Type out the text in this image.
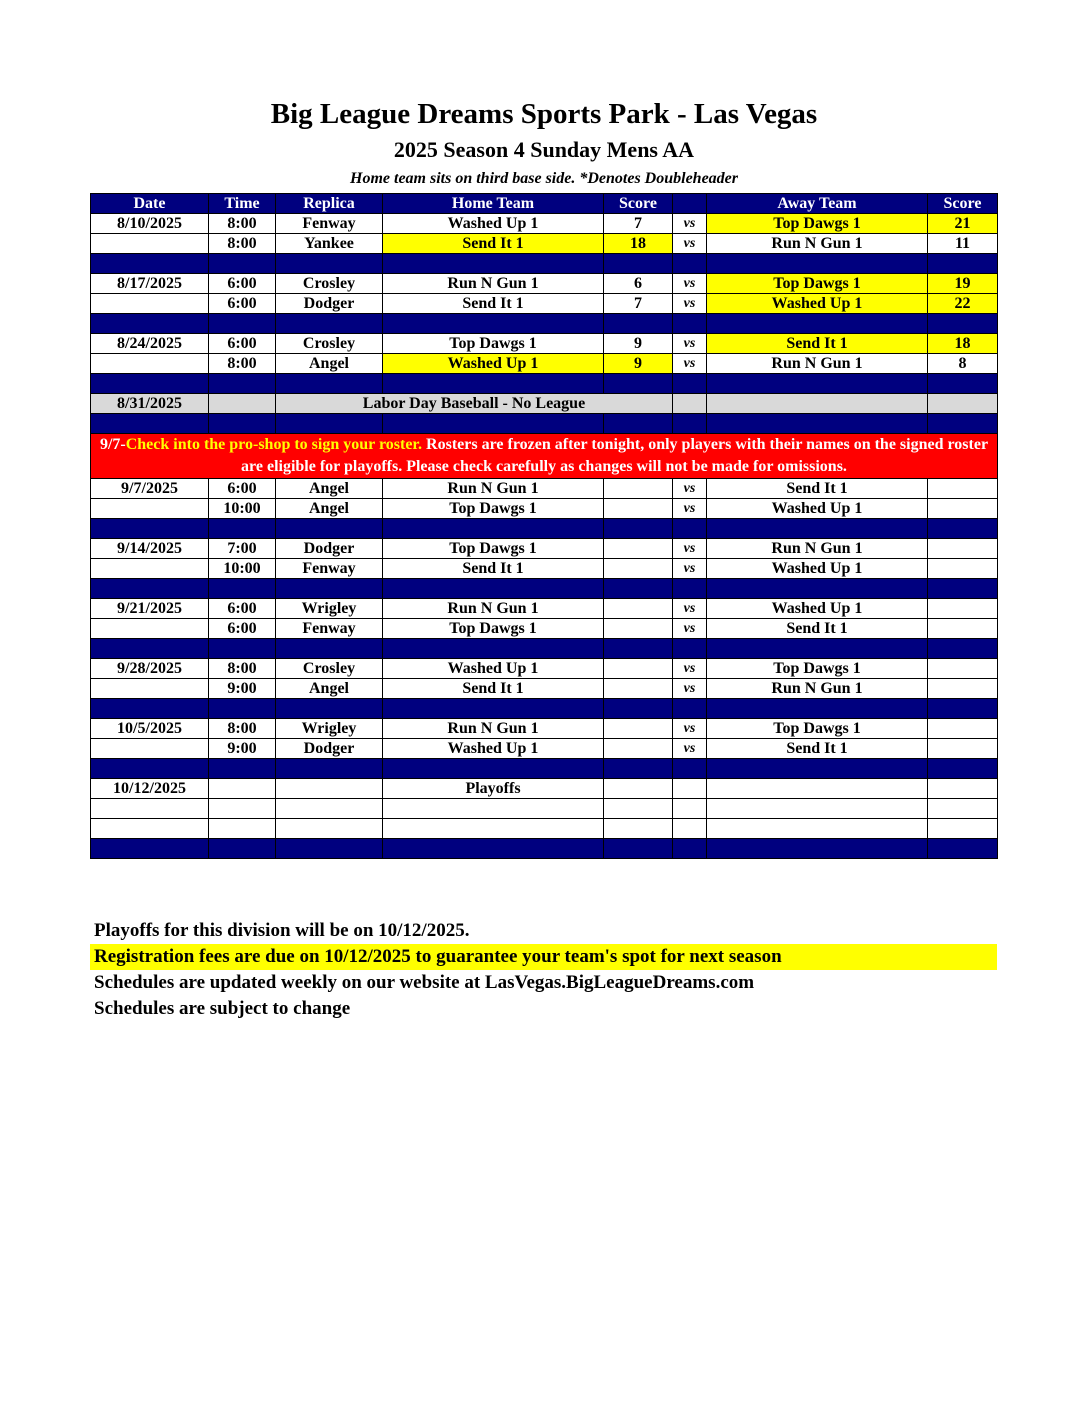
Big League Dreams Sports Park - Las Vegas
2025 Season 4 Sunday Mens AA
Home team sits on third base side. *Denotes Doubleheader
Date	Time	Replica	Home Team	Score		Away Team	Score
8/10/2025	8:00	Fenway	Washed Up 1	7	vs	Top Dawgs 1	21
	8:00	Yankee	Send It 1	18	vs	Run N Gun 1	11

8/17/2025	6:00	Crosley	Run N Gun 1	6	vs	Top Dawgs 1	19
	6:00	Dodger	Send It 1	7	vs	Washed Up 1	22

8/24/2025	6:00	Crosley	Top Dawgs 1	9	vs	Send It 1	18
	8:00	Angel	Washed Up 1	9	vs	Run N Gun 1	8

8/31/2025		Labor Day Baseball - No League					

9/7-Check into the pro-shop to sign your roster. Rosters are frozen after tonight, only players with their names on the signed roster are eligible for playoffs. Please check carefully as changes will not be made for omissions.							
9/7/2025	6:00	Angel	Run N Gun 1		vs	Send It 1	
	10:00	Angel	Top Dawgs 1		vs	Washed Up 1	

9/14/2025	7:00	Dodger	Top Dawgs 1		vs	Run N Gun 1	
	10:00	Fenway	Send It 1		vs	Washed Up 1	

9/21/2025	6:00	Wrigley	Run N Gun 1		vs	Washed Up 1	
	6:00	Fenway	Top Dawgs 1		vs	Send It 1	

9/28/2025	8:00	Crosley	Washed Up 1		vs	Top Dawgs 1	
	9:00	Angel	Send It 1		vs	Run N Gun 1	

10/5/2025	8:00	Wrigley	Run N Gun 1		vs	Top Dawgs 1	
	9:00	Dodger	Washed Up 1		vs	Send It 1	

10/12/2025			Playoffs				

Playoffs for this division will be on 10/12/2025.
Registration fees are due on 10/12/2025 to guarantee your team's spot for next season
Schedules are updated weekly on our website at LasVegas.BigLeagueDreams.com
Schedules are subject to change
